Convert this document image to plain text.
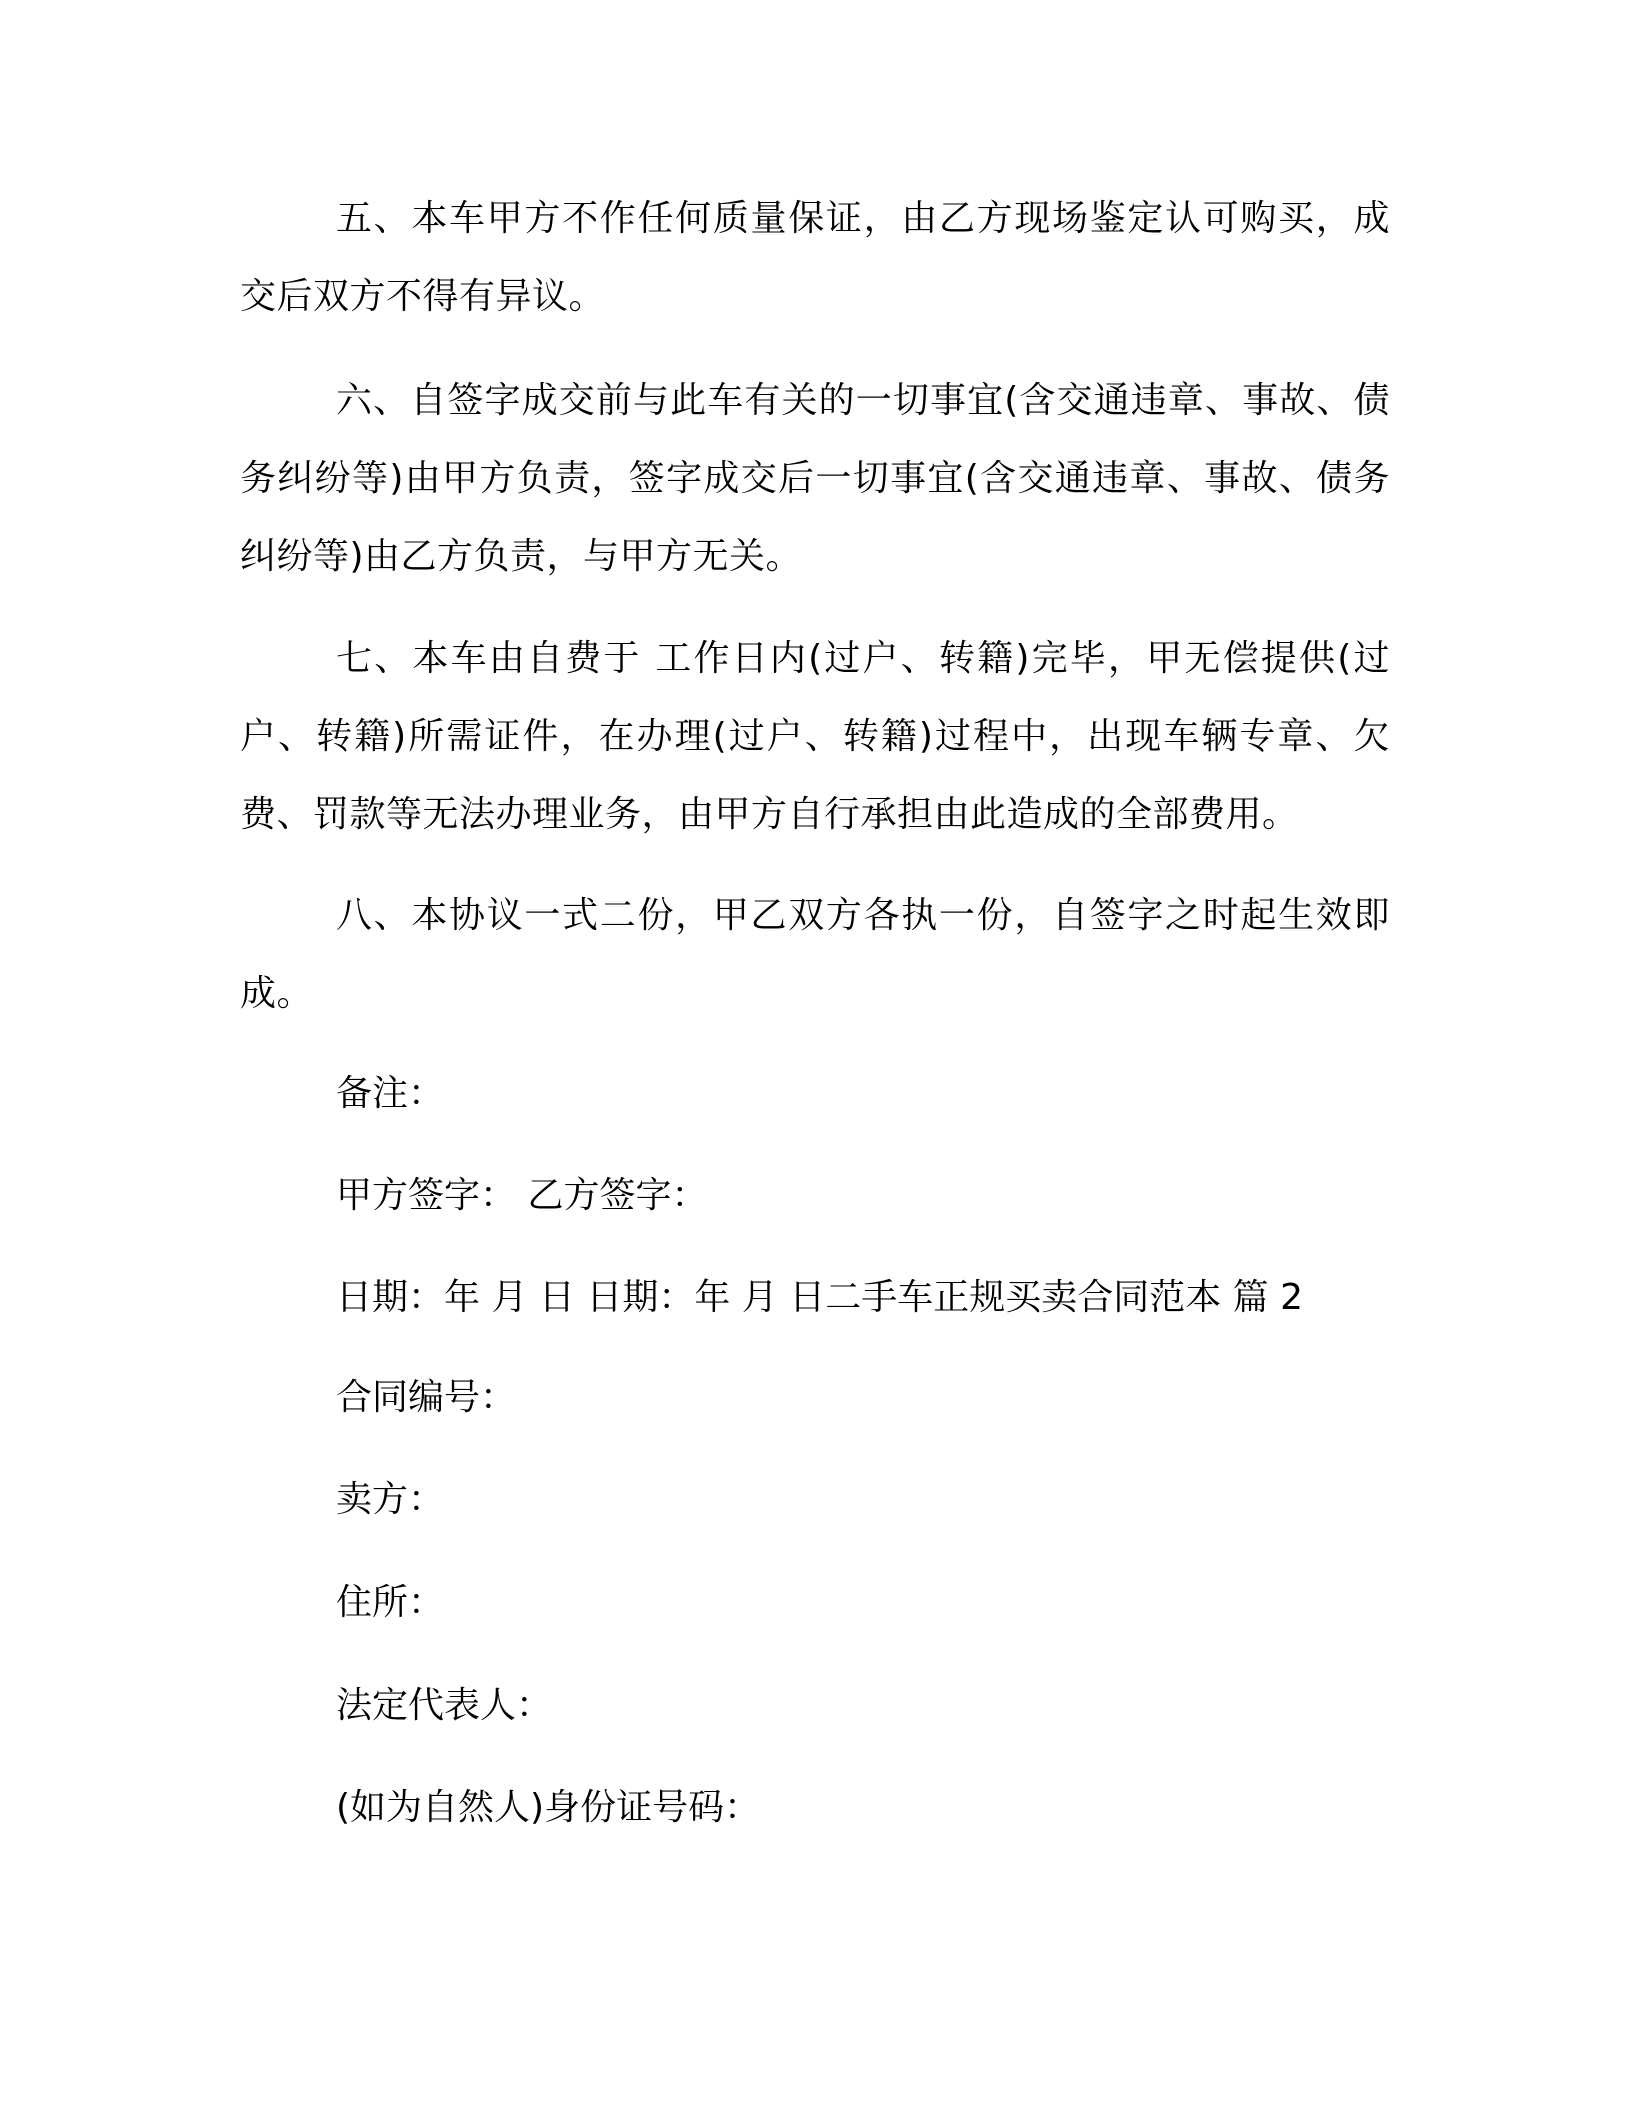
五、本车甲方不作任何质量保证，由乙方现场鉴定认可购买，成交后双方不得有异议。

六、自签字成交前与此车有关的一切事宜(含交通违章、事故、债务纠纷等)由甲方负责，签字成交后一切事宜(含交通违章、事故、债务纠纷等)由乙方负责，与甲方无关。

七、本车由自费于 工作日内(过户、转籍)完毕，甲无偿提供(过户、转籍)所需证件，在办理(过户、转籍)过程中，出现车辆专章、欠费、罚款等无法办理业务，由甲方自行承担由此造成的全部费用。

八、本协议一式二份，甲乙双方各执一份，自签字之时起生效即成。

备注：

甲方签字： 乙方签字：

日期：年 月 日 日期：年 月 日二手车正规买卖合同范本 篇 2

合同编号：

卖方：

住所：

法定代表人：

(如为自然人)身份证号码：
